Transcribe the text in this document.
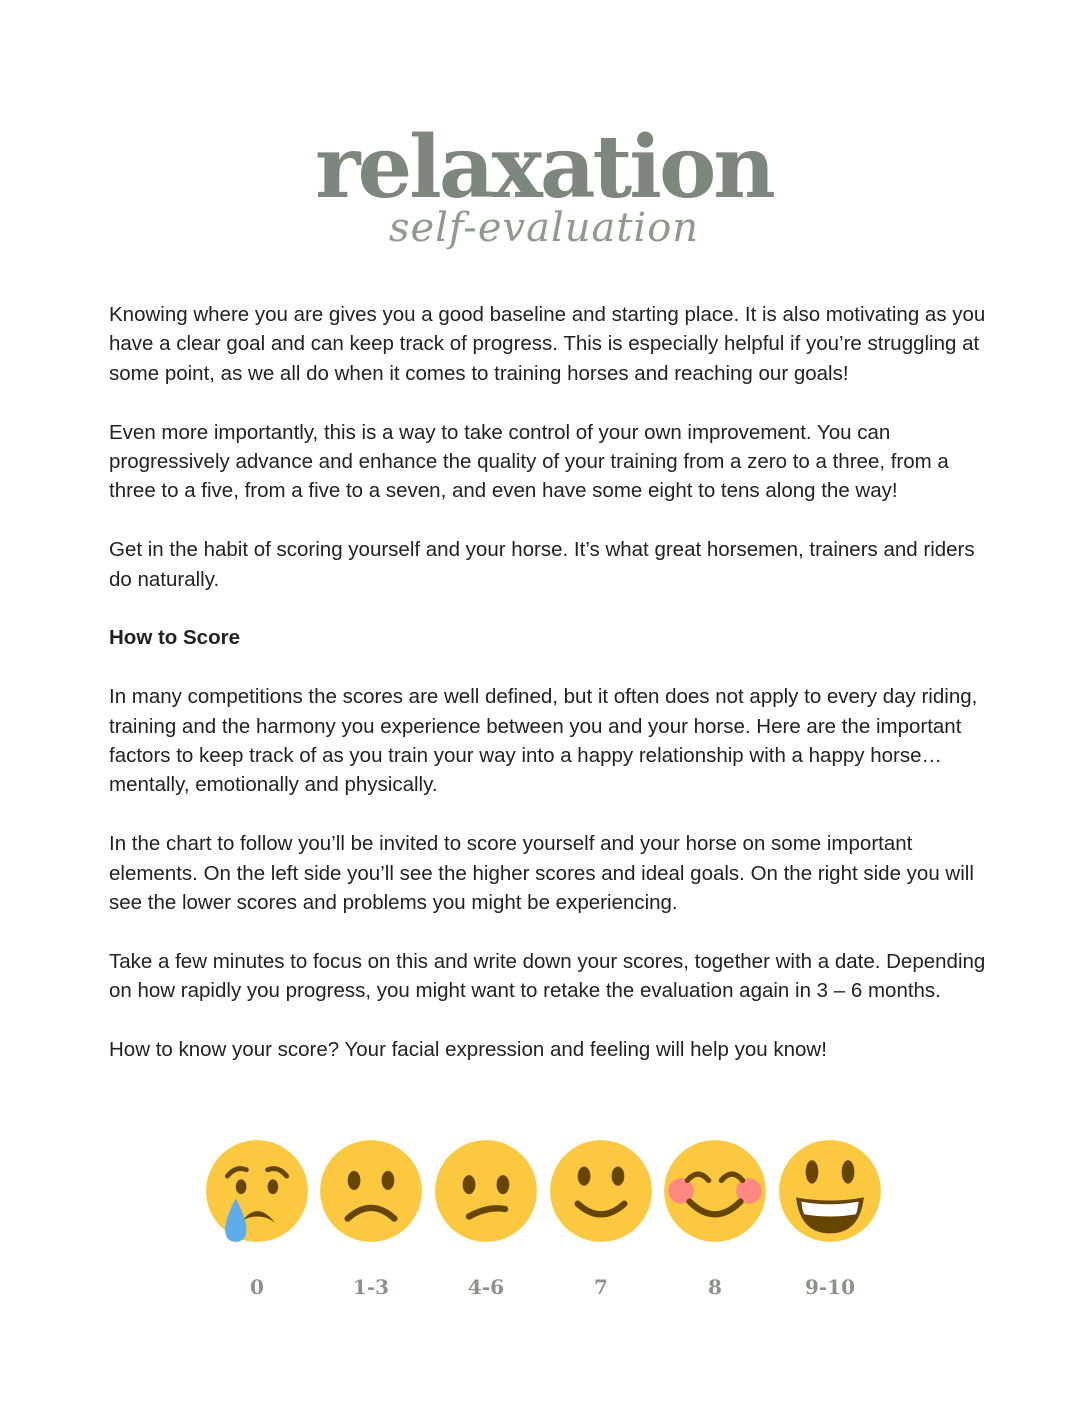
relaxation
self-evaluation

Knowing where you are gives you a good baseline and starting place. It is also motivating as you have a clear goal and can keep track of progress. This is especially helpful if you’re struggling at some point, as we all do when it comes to training horses and reaching our goals!

Even more importantly, this is a way to take control of your own improvement. You can progressively advance and enhance the quality of your training from a zero to a three, from a three to a five, from a five to a seven, and even have some eight to tens along the way!

Get in the habit of scoring yourself and your horse. It’s what great horsemen, trainers and riders do naturally.

How to Score

In many competitions the scores are well defined, but it often does not apply to every day riding, training and the harmony you experience between you and your horse. Here are the important factors to keep track of as you train your way into a happy relationship with a happy horse… mentally, emotionally and physically.

In the chart to follow you’ll be invited to score yourself and your horse on some important elements. On the left side you’ll see the higher scores and ideal goals. On the right side you will see the lower scores and problems you might be experiencing.

Take a few minutes to focus on this and write down your scores, together with a date. Depending on how rapidly you progress, you might want to retake the evaluation again in 3 – 6 months.

How to know your score? Your facial expression and feeling will help you know!

0	1-3	4-6	7	8	9-10
